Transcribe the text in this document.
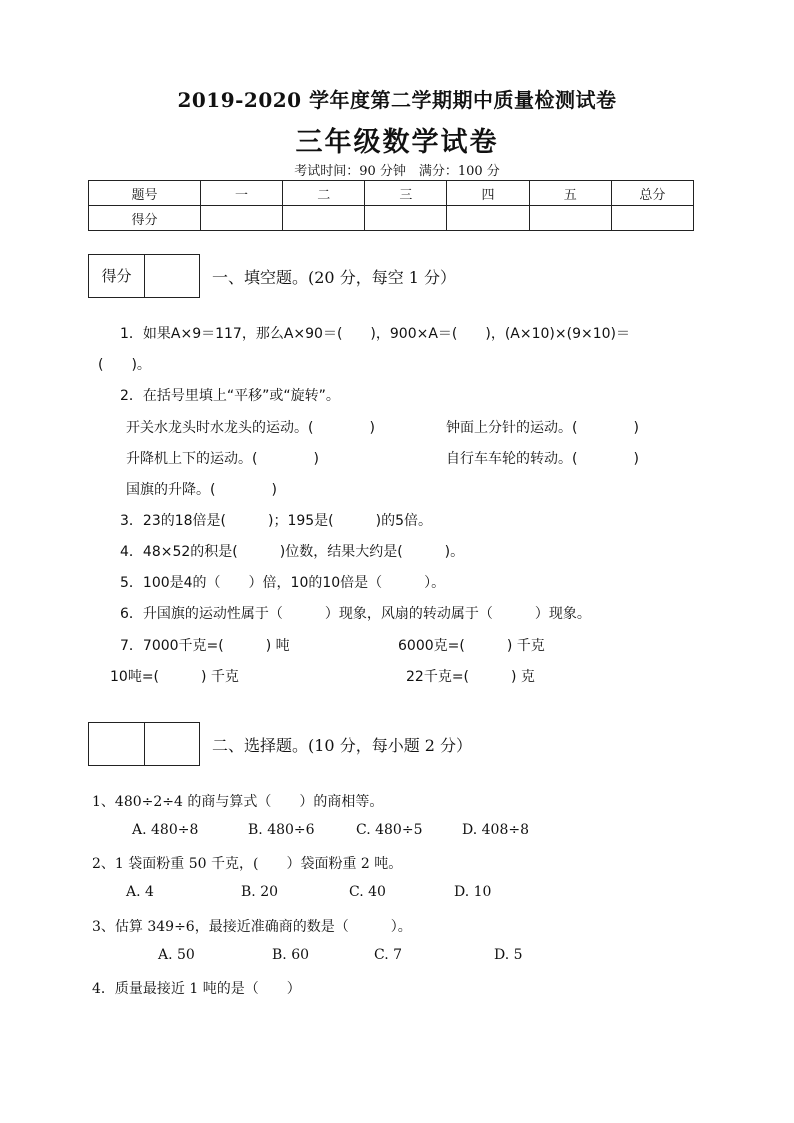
2019-2020 学年度第二学期期中质量检测试卷
三年级数学试卷
考试时间：90 分钟　满分：100 分
题号	一	二	三	四	五	总分
得分						
得分	一、填空题。(20 分，每空 1 分）
1．如果A×9＝117，那么A×90＝(　　)，900×A＝(　　)，(A×10)×(9×10)＝
(　　)。
2．在括号里填上“平移”或“旋转”。
开关水龙头时水龙头的运动。(　　　　)	钟面上分针的运动。(　　　　)
升降机上下的运动。(　　　　)	自行车车轮的转动。(　　　　)
国旗的升降。(　　　　)
3．23的18倍是(　　　)；195是(　　　)的5倍。
4．48×52的积是(　　　)位数，结果大约是(　　　)。
5．100是4的（　　）倍，10的10倍是（　　　）。
6．升国旗的运动性属于（　　　）现象，风扇的转动属于（　　　）现象。
7．7000千克=(　　　) 吨	6000克=(　　　) 千克
10吨=(　　　) 千克	22千克=(　　　) 克
二、选择题。(10 分，每小题 2 分）
1、480÷2÷4 的商与算式（　　）的商相等。
A. 480÷8	B. 480÷6	C. 480÷5	D. 408÷8
2、1 袋面粉重 50 千克，(　　）袋面粉重 2 吨。
A. 4	B. 20	C. 40	D. 10
3、估算 349÷6，最接近准确商的数是（　　　）。
A. 50	B. 60	C. 7	D. 5
4．质量最接近 1 吨的是（　　）
